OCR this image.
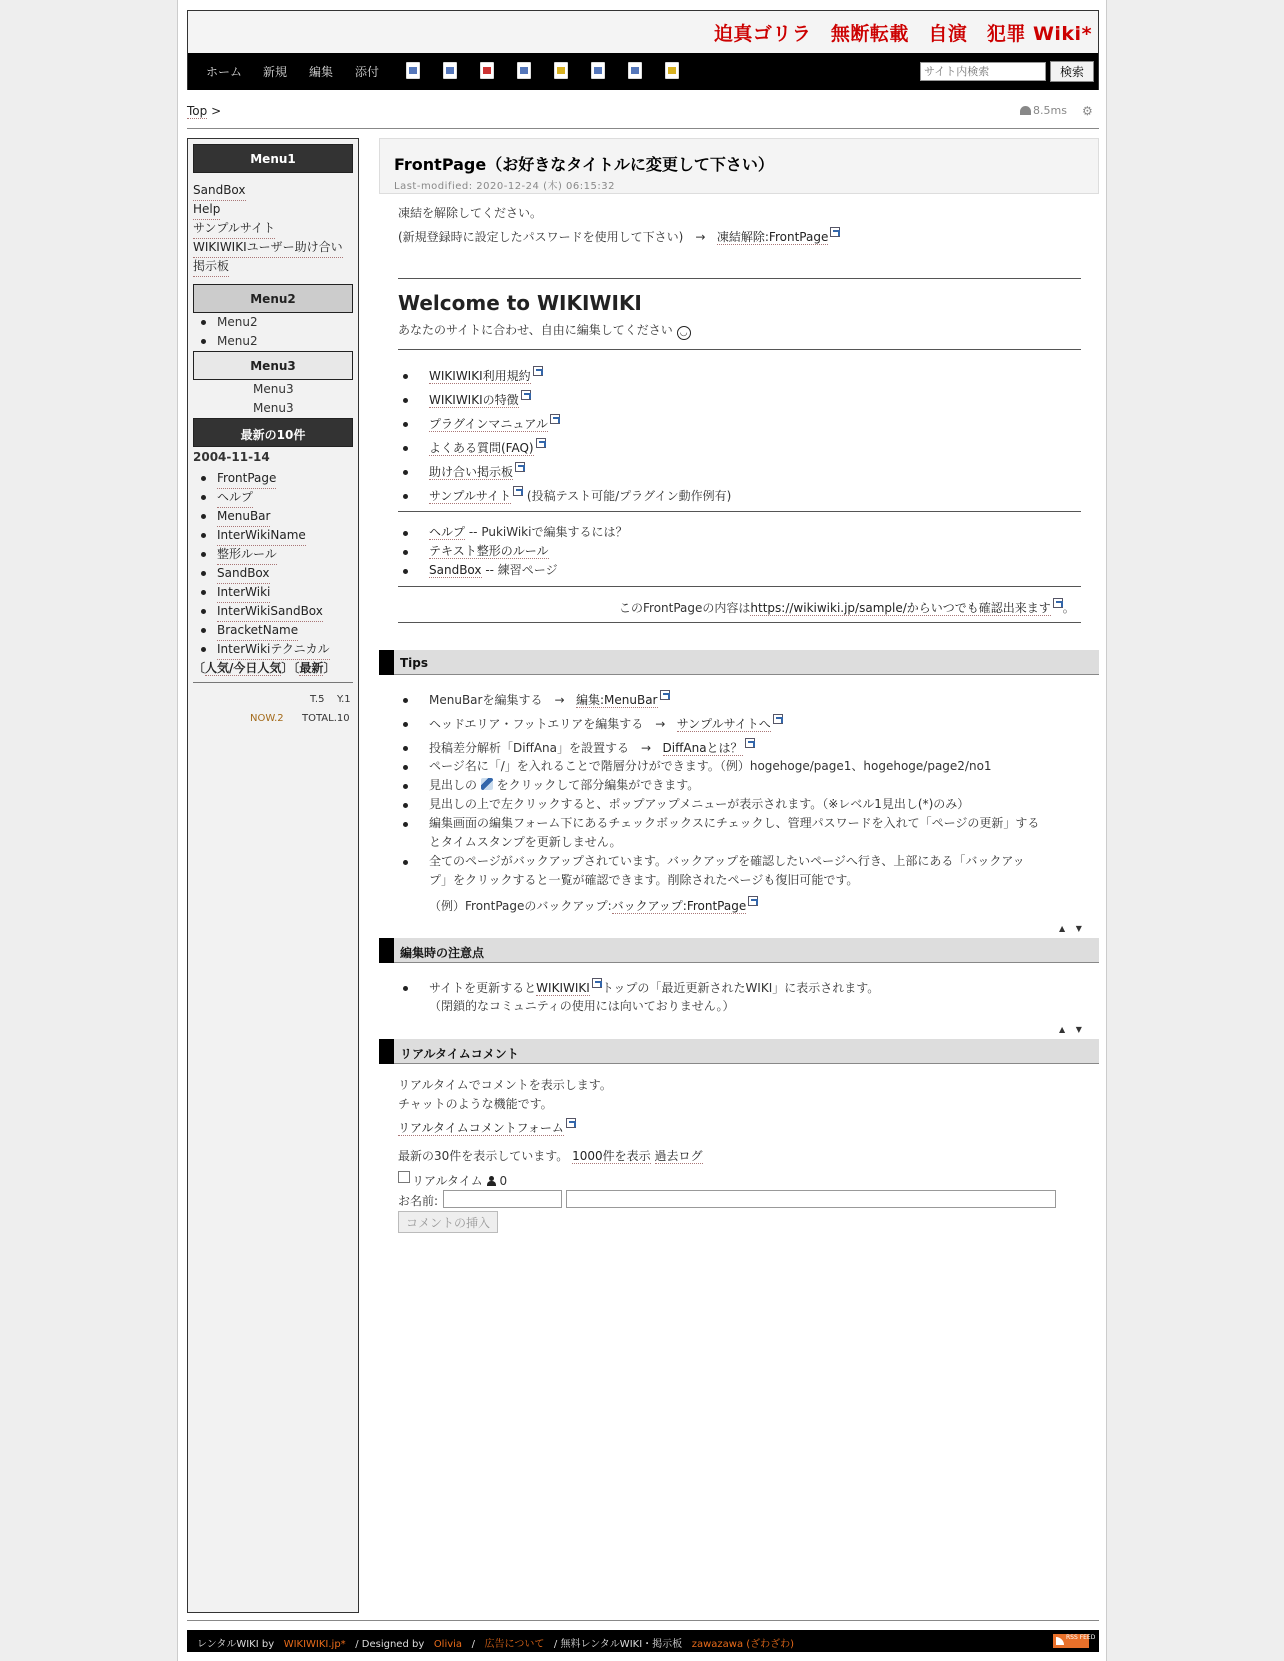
迫真ゴリラ　無断転載　自演　犯罪 Wiki*
ホーム 新規 編集 添付
サイト内検索	検索
Top >	8.5ms ⚙
Menu1
SandBox
Help
サンプルサイト
WIKIWIKIユーザー助け合い
掲示板
Menu2
Menu2
Menu2
Menu3
Menu3
Menu3
最新の10件
2004-11-14
FrontPage
ヘルプ
MenuBar
InterWikiName
整形ルール
SandBox
InterWiki
InterWikiSandBox
BracketName
InterWikiテクニカル
〔人気/今日人気〕〔最新〕
T.5 Y.1
NOW.2 TOTAL.10
FrontPage（お好きなタイトルに変更して下さい）
Last-modified: 2020-12-24 (木) 06:15:32
凍結を解除してください。
(新規登録時に設定したパスワードを使用して下さい)　→ 凍結解除:FrontPage
Welcome to WIKIWIKI
あなたのサイトに合わせ、自由に編集してください ◡
WIKIWIKI利用規約
WIKIWIKIの特徴
プラグインマニュアル
よくある質問(FAQ)
助け合い掲示板
サンプルサイト (投稿テスト可能/プラグイン動作例有)
ヘルプ -- PukiWikiで編集するには？
テキスト整形のルール
SandBox -- 練習ページ
このFrontPageの内容はhttps://wikiwiki.jp/sample/からいつでも確認出来ます 。
Tips
MenuBarを編集する　→ 編集:MenuBar
ヘッドエリア・フットエリアを編集する　→ サンプルサイトへ
投稿差分解析「DiffAna」を設置する　→ DiffAnaとは？
ページ名に「/」を入れることで階層分けができます。（例）hogehoge/page1、hogehoge/page2/no1
見出しの をクリックして部分編集ができます。
見出しの上で左クリックすると、ポップアップメニューが表示されます。（※レベル1見出し(*)のみ）
編集画面の編集フォーム下にあるチェックボックスにチェックし、管理パスワードを入れて「ページの更新」する
とタイムスタンプを更新しません。
全てのページがバックアップされています。バックアップを確認したいページへ行き、上部にある「バックアッ
プ」をクリックすると一覧が確認できます。削除されたページも復旧可能です。
（例）FrontPageのバックアップ:バックアップ:FrontPage
▲ ▼
編集時の注意点
サイトを更新するとWIKIWIKI トップの「最近更新されたWIKI」に表示されます。
（閉鎖的なコミュニティの使用には向いておりません。）
▲ ▼
リアルタイムコメント
リアルタイムでコメントを表示します。
チャットのような機能です。
リアルタイムコメントフォーム
最新の30件を表示しています。 1000件を表示 過去ログ
リアルタイム 0
お名前:
コメントの挿入
レンタルWIKI by WIKIWIKI.jp* / Designed by Olivia / 広告について / 無料レンタルWIKI・掲示板 zawazawa (ざわざわ)
RSS FEED
